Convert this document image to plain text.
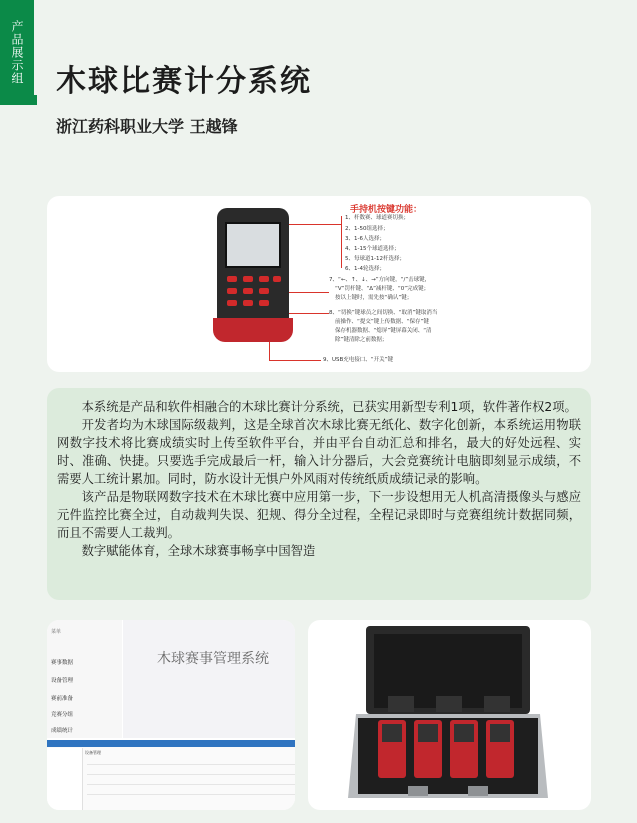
产品展示组	木球比赛计分系统
浙江药科职业大学 王越锋
手持机按键功能：
1、杆数赛、球道赛切换；
2、1-50组选择；
3、1-6人选择；
4、1-15个球道选择；
5、每球道1-12杆选择；
6、1-4轮选择；
7、“←、↑、↓、→”方向键，“/”击球键，
“V”罚杆键、“Δ”减杆键、“0”完成键；
按以上键时，需先按“确认”键；
8、“切换”键球员之间切换、“取消”键取消当
前操作、“提交”键上传数据、“保存”键
保存机器数据、“熄屏”键屏幕关闭、“清
除”键清除之前数据；
9、USB充电接口、“开关”键

本系统是产品和软件相融合的木球比赛计分系统，已获实用新型专利1项，软件著作权2项。

开发者均为木球国际级裁判，这是全球首次木球比赛无纸化、数字化创新，本系统运用物联网数字技术将比赛成绩实时上传至软件平台，并由平台自动汇总和排名，最大的好处远程、实时、准确、快捷。只要选手完成最后一杆，输入计分器后，大会竞赛统计电脑即刻显示成绩，不需要人工统计累加。同时，防水设计无惧户外风雨对传统纸质成绩记录的影响。

该产品是物联网数字技术在木球比赛中应用第一步，下一步设想用无人机高清摄像头与感应元件监控比赛全过，自动裁判失误、犯规、得分全过程，全程记录即时与竞赛组统计数据同频，而且不需要人工裁判。

数字赋能体育，全球木球赛事畅享中国智造

菜单
赛事数据
设备管理
赛前准备
竞赛分组
成绩统计
木球赛事管理系统
设备管理
